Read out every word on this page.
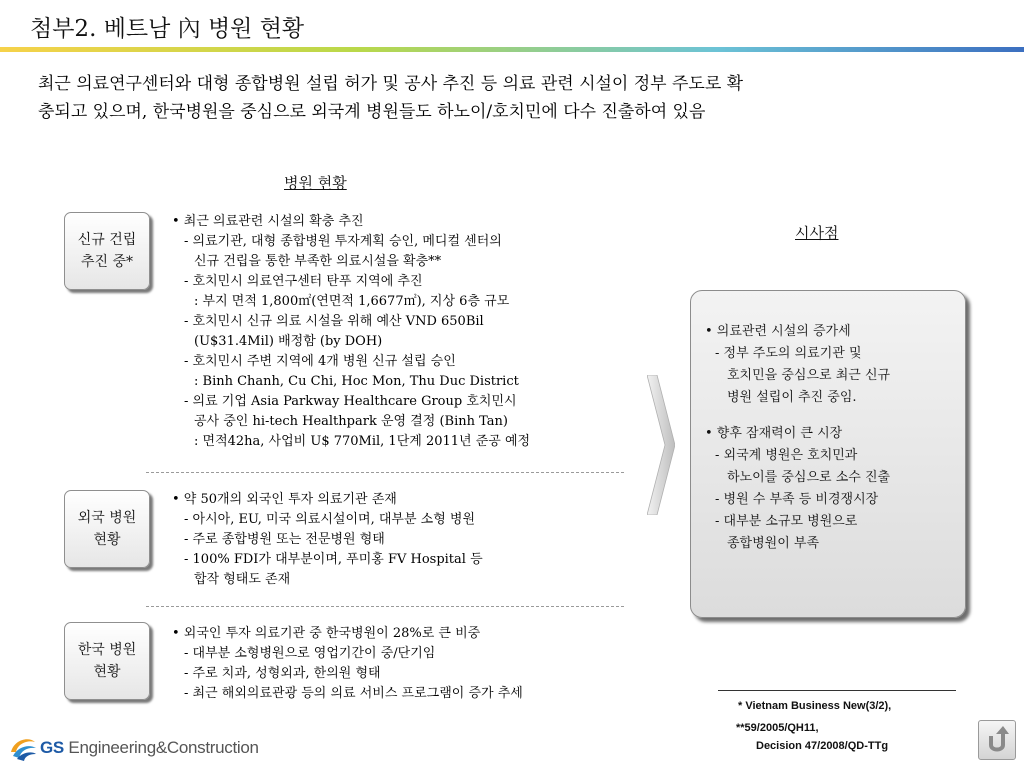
첨부2. 베트남 內 병원 현황
최근 의료연구센터와 대형 종합병원 설립 허가 및 공사 추진 등 의료 관련 시설이 정부 주도로 확
충되고 있으며, 한국병원을 중심으로 외국계 병원들도 하노이/호치민에 다수 진출하여 있음
병원 현황
시사점
신규 건립
추진 중*
• 최근 의료관련 시설의 확충 추진
- 의료기관, 대형 종합병원 투자계획 승인, 메디컬 센터의
신규 건립을 통한 부족한 의료시설을 확충**
- 호치민시 의료연구센터 탄푸 지역에 추진
: 부지 면적 1,800㎡(연면적 1,6677㎡), 지상 6층 규모
- 호치민시 신규 의료 시설을 위해 예산 VND 650Bil
(U$31.4Mil) 배정함 (by DOH)
- 호치민시 주변 지역에 4개 병원 신규 설립 승인
: Binh Chanh, Cu Chi, Hoc Mon, Thu Duc District
- 의료 기업 Asia Parkway Healthcare Group 호치민시
공사 중인 hi-tech Healthpark 운영 결정 (Binh Tan)
: 면적42ha, 사업비 U$ 770Mil, 1단계 2011년 준공 예정
외국 병원
현황
• 약 50개의 외국인 투자 의료기관 존재
- 아시아, EU, 미국 의료시설이며, 대부분 소형 병원
- 주로 종합병원 또는 전문병원 형태
- 100% FDI가 대부분이며, 푸미홍 FV Hospital 등
합작 형태도 존재
한국 병원
현황
• 외국인 투자 의료기관 중 한국병원이 28%로 큰 비중
- 대부분 소형병원으로 영업기간이 중/단기임
- 주로 치과, 성형외과, 한의원 형태
- 최근 해외의료관광 등의 의료 서비스 프로그램이 증가 추세
• 의료관련 시설의 증가세
- 정부 주도의 의료기관 및
호치민을 중심으로 최근 신규
병원 설립이 추진 중임.
• 향후 잠재력이 큰 시장
- 외국계 병원은 호치민과
하노이를 중심으로 소수 진출
- 병원 수 부족 등 비경쟁시장
- 대부분 소규모 병원으로
종합병원이 부족
* Vietnam Business New(3/2),
**59/2005/QH11,
Decision 47/2008/QD-TTg
GS Engineering&Construction
